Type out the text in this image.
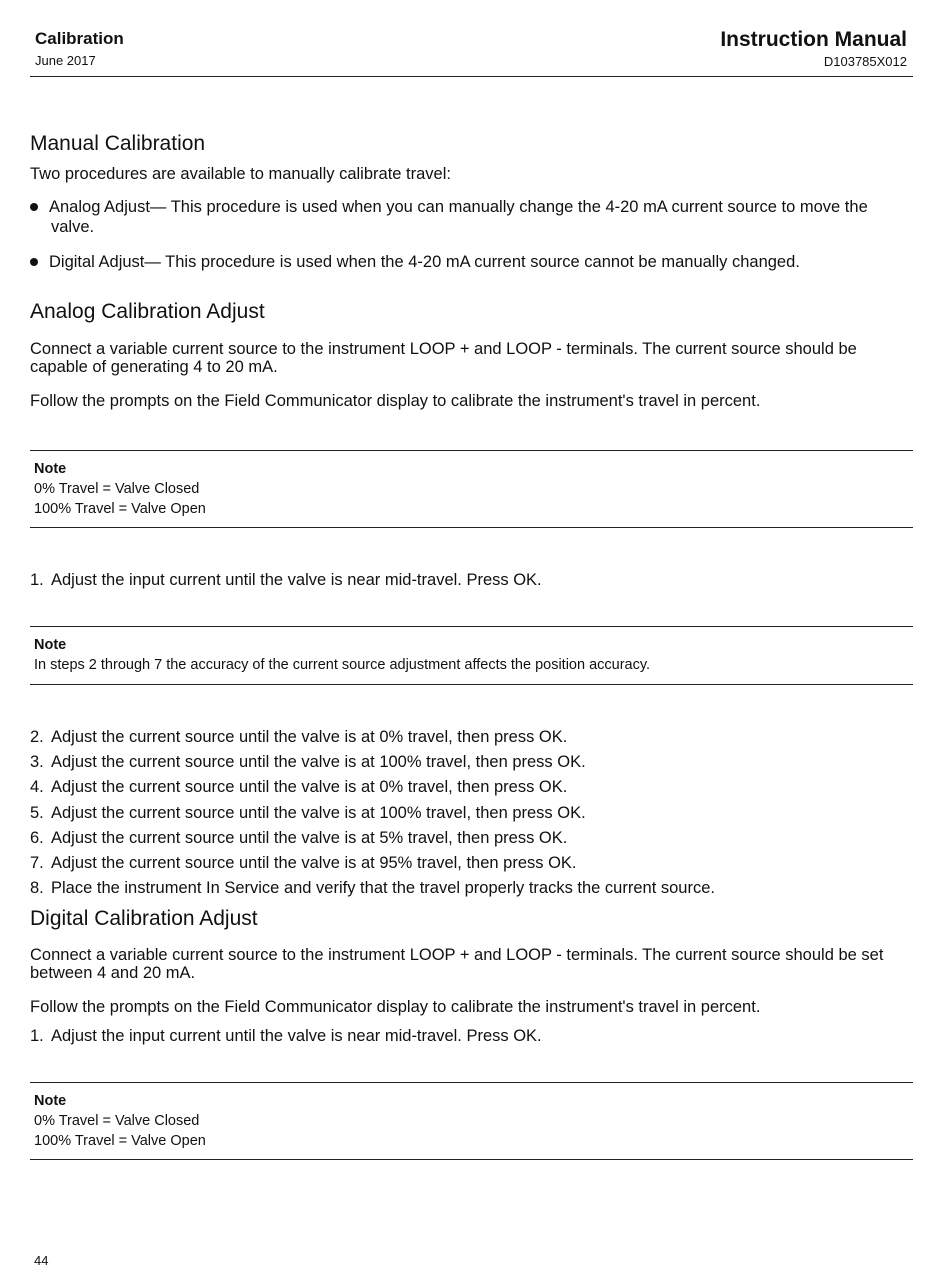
Calibration
June 2017
Instruction Manual
D103785X012
Manual Calibration
Two procedures are available to manually calibrate travel:
Analog Adjust— This procedure is used when you can manually change the 4-20 mA current source to move the
valve.
Digital Adjust— This procedure is used when the 4-20 mA current source cannot be manually changed.
Analog Calibration Adjust
Connect a variable current source to the instrument LOOP + and LOOP - terminals. The current source should be
capable of generating 4 to 20 mA.
Follow the prompts on the Field Communicator display to calibrate the instrument's travel in percent.
Note
0% Travel = Valve Closed
100% Travel = Valve Open
1. Adjust the input current until the valve is near mid-travel. Press OK.
Note
In steps 2 through 7 the accuracy of the current source adjustment affects the position accuracy.
2. Adjust the current source until the valve is at 0% travel, then press OK.
3. Adjust the current source until the valve is at 100% travel, then press OK.
4. Adjust the current source until the valve is at 0% travel, then press OK.
5. Adjust the current source until the valve is at 100% travel, then press OK.
6. Adjust the current source until the valve is at 5% travel, then press OK.
7. Adjust the current source until the valve is at 95% travel, then press OK.
8. Place the instrument In Service and verify that the travel properly tracks the current source.
Digital Calibration Adjust
Connect a variable current source to the instrument LOOP + and LOOP - terminals. The current source should be set
between 4 and 20 mA.
Follow the prompts on the Field Communicator display to calibrate the instrument's travel in percent.
1. Adjust the input current until the valve is near mid-travel. Press OK.
Note
0% Travel = Valve Closed
100% Travel = Valve Open
44
